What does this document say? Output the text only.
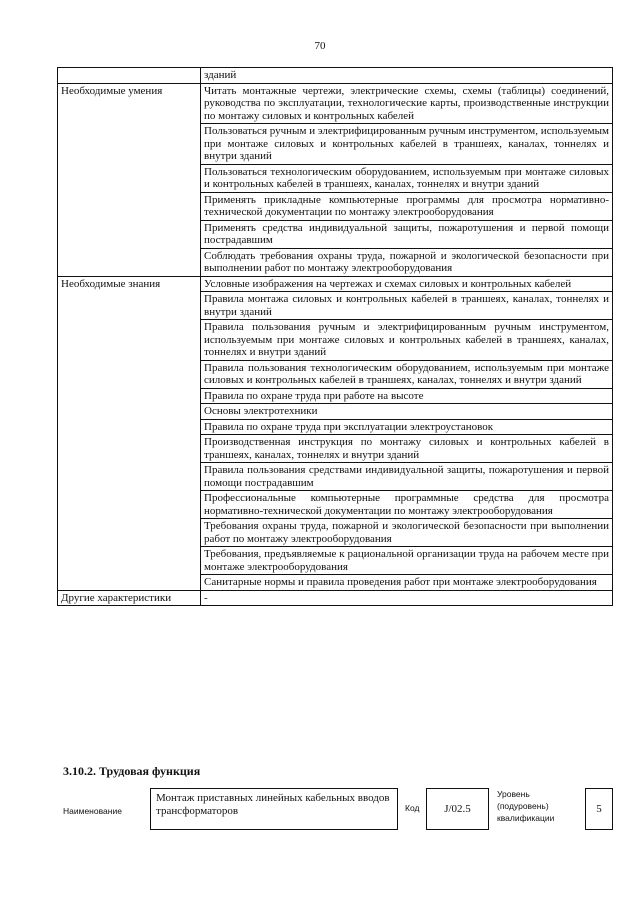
70
	зданий
Необходимые умения	Читать монтажные чертежи, электрические схемы, схемы (таблицы) соединений, руководства по эксплуатации, технологические карты, производственные инструкции по монтажу силовых и контрольных кабелей
	Пользоваться ручным и электрифицированным ручным инструментом, используемым при монтаже силовых и контрольных кабелей в траншеях, каналах, тоннелях и внутри зданий
	Пользоваться технологическим оборудованием, используемым при монтаже силовых и контрольных кабелей в траншеях, каналах, тоннелях и внутри зданий
	Применять прикладные компьютерные программы для просмотра нормативно-технической документации по монтажу электрооборудования
	Применять средства индивидуальной защиты, пожаротушения и первой помощи пострадавшим
	Соблюдать требования охраны труда, пожарной и экологической безопасности при выполнении работ по монтажу электрооборудования
Необходимые знания	Условные изображения на чертежах и схемах силовых и контрольных кабелей
	Правила монтажа силовых и контрольных кабелей в траншеях, каналах, тоннелях и внутри зданий
	Правила пользования ручным и электрифицированным ручным инструментом, используемым при монтаже силовых и контрольных кабелей в траншеях, каналах, тоннелях и внутри зданий
	Правила пользования технологическим оборудованием, используемым при монтаже силовых и контрольных кабелей в траншеях, каналах, тоннелях и внутри зданий
	Правила по охране труда при работе на высоте
	Основы электротехники
	Правила по охране труда при эксплуатации электроустановок
	Производственная инструкция по монтажу силовых и контрольных кабелей в траншеях, каналах, тоннелях и внутри зданий
	Правила пользования средствами индивидуальной защиты, пожаротушения и первой помощи пострадавшим
	Профессиональные компьютерные программные средства для просмотра нормативно-технической документации по монтажу электрооборудования
	Требования охраны труда, пожарной и экологической безопасности при выполнении работ по монтажу электрооборудования
	Требования, предъявляемые к рациональной организации труда на рабочем месте при монтаже электрооборудования
	Санитарные нормы и правила проведения работ при монтаже электрооборудования
Другие характеристики	-
3.10.2. Трудовая функция
Наименование
Монтаж приставных линейных кабельных вводов трансформаторов	Код	J/02.5
Уровень (подуровень) квалификации
5
